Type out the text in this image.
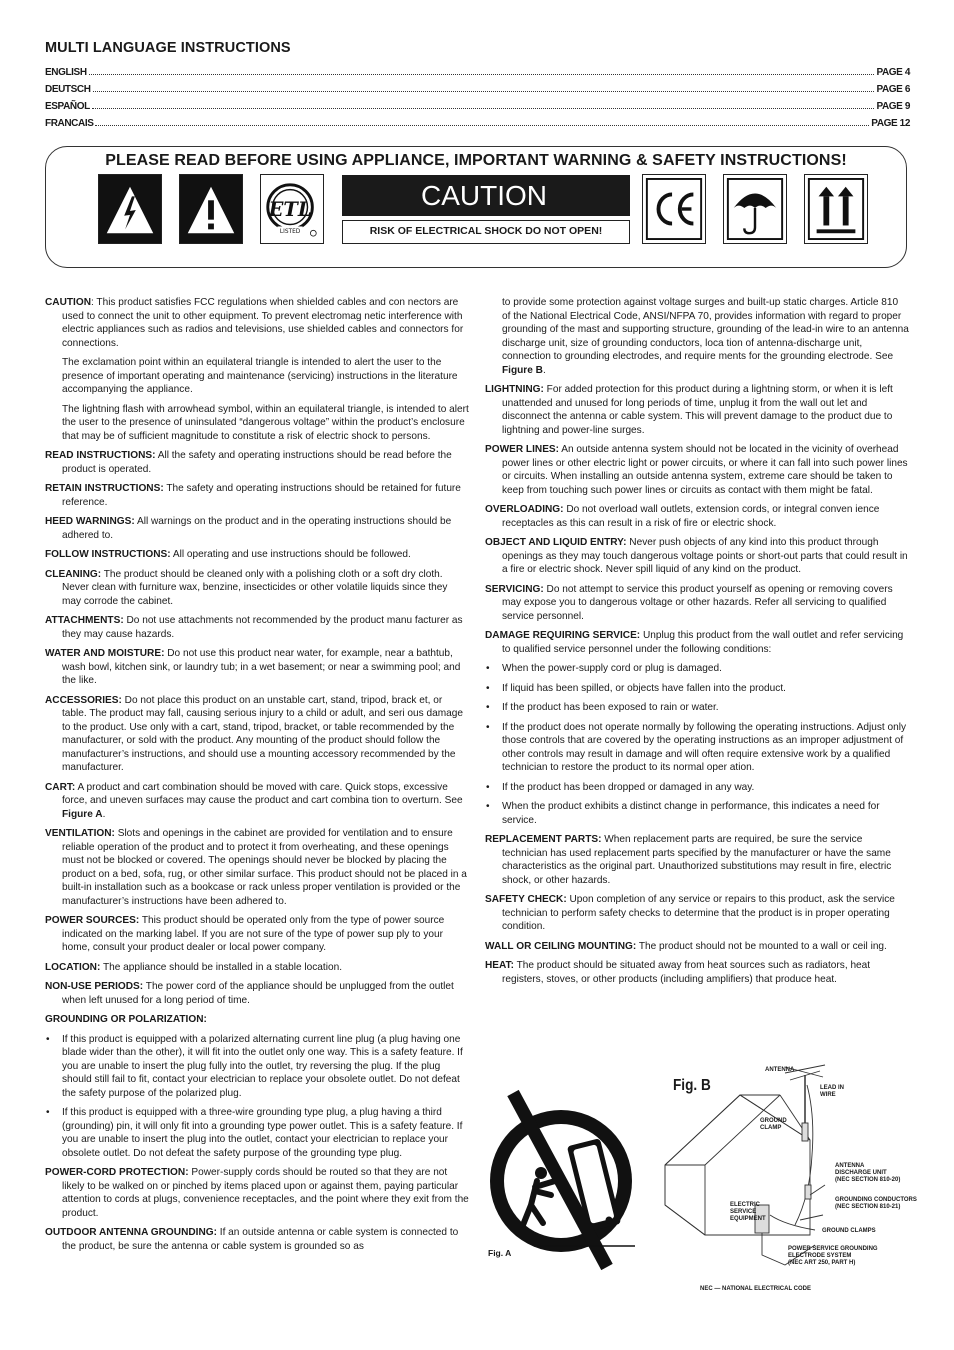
MULTI LANGUAGE INSTRUCTIONS
ENGLISH	PAGE 4
DEUTSCH	PAGE 6
ESPAÑOL	PAGE 9
FRANCAIS	PAGE 12
PLEASE READ BEFORE USING APPLIANCE, IMPORTANT WARNING & SAFETY INSTRUCTIONS!
ETL
LISTED
CAUTION
RISK OF ELECTRICAL SHOCK DO NOT OPEN!

CAUTION: This product satisfies FCC regulations when shielded cables and con nectors are used to connect the unit to other equipment. To prevent electromag netic interference with electric appliances such as radios and televisions, use shielded cables and connectors for connections.

The exclamation point within an equilateral triangle is intended to alert the user to the presence of important operating and maintenance (servicing) instructions in the literature accompanying the appliance.

The lightning flash with arrowhead symbol, within an equilateral triangle, is intended to alert the user to the presence of uninsulated “dangerous voltage” within the product’s enclosure that may be of sufficient magnitude to constitute a risk of electric shock to persons.

READ INSTRUCTIONS: All the safety and operating instructions should be read before the product is operated.

RETAIN INSTRUCTIONS: The safety and operating instructions should be retained for future reference.

HEED WARNINGS: All warnings on the product and in the operating instructions should be adhered to.

FOLLOW INSTRUCTIONS: All operating and use instructions should be followed.

CLEANING: The product should be cleaned only with a polishing cloth or a soft dry cloth. Never clean with furniture wax, benzine, insecticides or other volatile liquids since they may corrode the cabinet.

ATTACHMENTS: Do not use attachments not recommended by the product manu facturer as they may cause hazards.

WATER AND MOISTURE: Do not use this product near water, for example, near a bathtub, wash bowl, kitchen sink, or laundry tub; in a wet basement; or near a swimming pool; and the like.

ACCESSORIES: Do not place this product on an unstable cart, stand, tripod, brack et, or table. The product may fall, causing serious injury to a child or adult, and seri ous damage to the product. Use only with a cart, stand, tripod, bracket, or table recommended by the manufacturer, or sold with the product. Any mounting of the product should follow the manufacturer’s instructions, and should use a mounting accessory recommended by the manufacturer.

CART: A product and cart combination should be moved with care. Quick stops, excessive force, and uneven surfaces may cause the product and cart combina tion to overturn. See Figure A.

VENTILATION: Slots and openings in the cabinet are provided for ventilation and to ensure reliable operation of the product and to protect it from overheating, and these openings must not be blocked or covered. The openings should never be blocked by placing the product on a bed, sofa, rug, or other similar surface. This product should not be placed in a built-in installation such as a bookcase or rack unless proper ventilation is provided or the manufacturer’s instructions have been adhered to.

POWER SOURCES: This product should be operated only from the type of power source indicated on the marking label. If you are not sure of the type of power sup ply to your home, consult your product dealer or local power company.

LOCATION: The appliance should be installed in a stable location.

NON-USE PERIODS: The power cord of the appliance should be unplugged from the outlet when left unused for a long period of time.

GROUNDING OR POLARIZATION:

• If this product is equipped with a polarized alternating current line plug (a plug having one blade wider than the other), it will fit into the outlet only one way. This is a safety feature. If you are unable to insert the plug fully into the outlet, try reversing the plug. If the plug should still fail to fit, contact your electrician to replace your obsolete outlet. Do not defeat the safety purpose of the polarized plug.

• If this product is equipped with a three-wire grounding type plug, a plug having a third (grounding) pin, it will only fit into a grounding type power outlet. This is a safety feature. If you are unable to insert the plug into the outlet, contact your electrician to replace your obsolete outlet. Do not defeat the safety purpose of the grounding type plug.

POWER-CORD PROTECTION: Power-supply cords should be routed so that they are not likely to be walked on or pinched by items placed upon or against them, paying particular attention to cords at plugs, convenience receptacles, and the point where they exit from the product.

OUTDOOR ANTENNA GROUNDING: If an outside antenna or cable system is connected to the product, be sure the antenna or cable system is grounded so as

to provide some protection against voltage surges and built-up static charges. Article 810 of the National Electrical Code, ANSI/NFPA 70, provides information with regard to proper grounding of the mast and supporting structure, grounding of the lead-in wire to an antenna discharge unit, size of grounding conductors, loca tion of antenna-discharge unit, connection to grounding electrodes, and require ments for the grounding electrode. See Figure B.

LIGHTNING: For added protection for this product during a lightning storm, or when it is left unattended and unused for long periods of time, unplug it from the wall out let and disconnect the antenna or cable system. This will prevent damage to the product due to lightning and power-line surges.

POWER LINES: An outside antenna system should not be located in the vicinity of overhead power lines or other electric light or power circuits, or where it can fall into such power lines or circuits. When installing an outside antenna system, extreme care should be taken to keep from touching such power lines or circuits as contact with them might be fatal.

OVERLOADING: Do not overload wall outlets, extension cords, or integral conven ience receptacles as this can result in a risk of fire or electric shock.

OBJECT AND LIQUID ENTRY: Never push objects of any kind into this product through openings as they may touch dangerous voltage points or short-out parts that could result in a fire or electric shock. Never spill liquid of any kind on the product.

SERVICING: Do not attempt to service this product yourself as opening or removing covers may expose you to dangerous voltage or other hazards. Refer all servicing to qualified service personnel.

DAMAGE REQUIRING SERVICE: Unplug this product from the wall outlet and refer servicing to qualified service personnel under the following conditions:

• When the power-supply cord or plug is damaged.

• If liquid has been spilled, or objects have fallen into the product.

• If the product has been exposed to rain or water.

• If the product does not operate normally by following the operating instructions. Adjust only those controls that are covered by the operating instructions as an improper adjustment of other controls may result in damage and will often require extensive work by a qualified technician to restore the product to its normal oper ation.

• If the product has been dropped or damaged in any way.

• When the product exhibits a distinct change in performance, this indicates a need for service.

REPLACEMENT PARTS: When replacement parts are required, be sure the service technician has used replacement parts specified by the manufacturer or have the same characteristics as the original part. Unauthorized substitutions may result in fire, electric shock, or other hazards.

SAFETY CHECK: Upon completion of any service or repairs to this product, ask the service technician to perform safety checks to determine that the product is in proper operating condition.

WALL OR CEILING MOUNTING: The product should not be mounted to a wall or ceil ing.

HEAT: The product should be situated away from heat sources such as radiators, heat registers, stoves, or other products (including amplifiers) that produce heat.

Fig. B
Fig. A
ANTENNA
LEAD IN
WIRE
GROUND
CLAMP
ANTENNA
DISCHARGE UNIT
(NEC SECTION 810-20)
GROUNDING CONDUCTORS
(NEC SECTION 810-21)
ELECTRIC
SERVICE
EQUIPMENT
GROUND CLAMPS
POWER SERVICE GROUNDING
ELECTRODE SYSTEM
(NEC ART 250, PART H)
NEC — NATIONAL ELECTRICAL CODE
